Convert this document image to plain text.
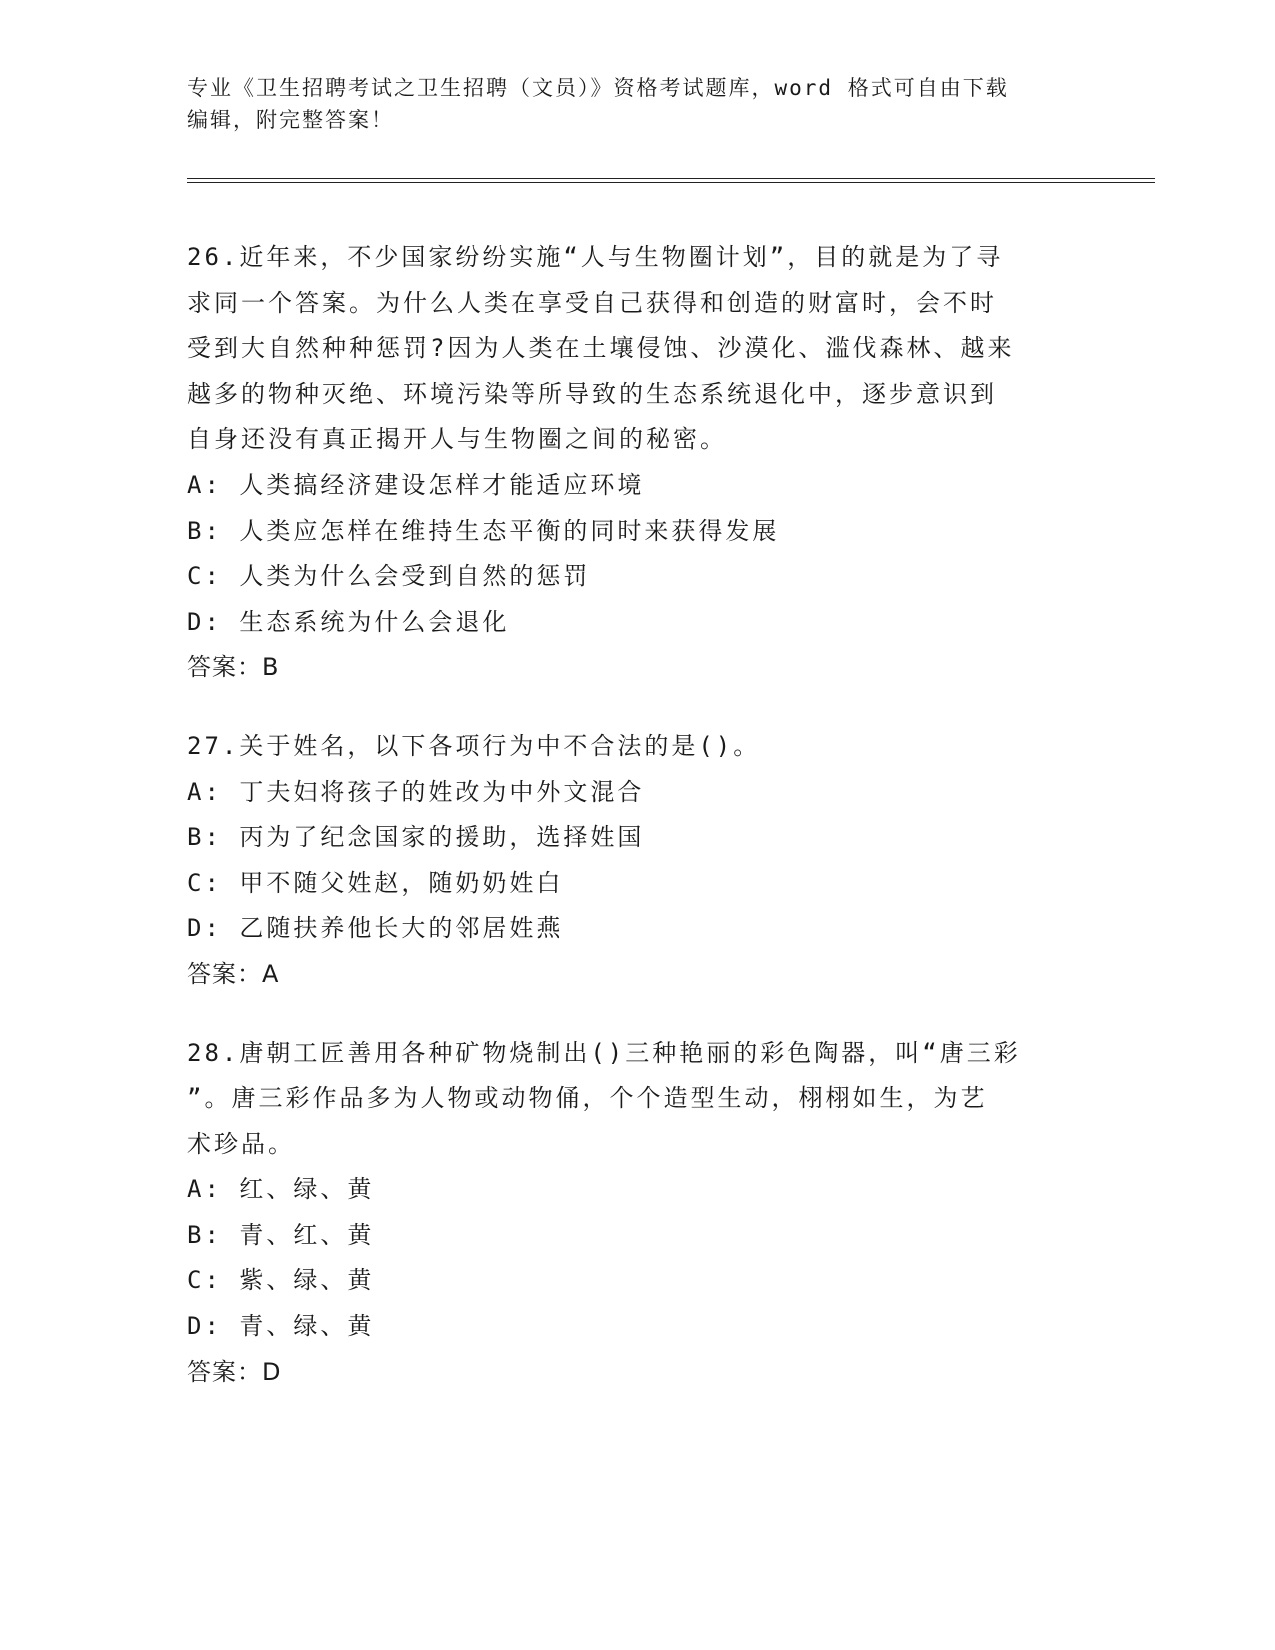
专业《卫生招聘考试之卫生招聘（文员）》资格考试题库，word 格式可自由下载
编辑，附完整答案！
26.近年来，不少国家纷纷实施“人与生物圈计划”，目的就是为了寻
求同一个答案。为什么人类在享受自己获得和创造的财富时，会不时
受到大自然种种惩罚?因为人类在土壤侵蚀、沙漠化、滥伐森林、越来
越多的物种灭绝、环境污染等所导致的生态系统退化中，逐步意识到
自身还没有真正揭开人与生物圈之间的秘密。
A: 人类搞经济建设怎样才能适应环境
B: 人类应怎样在维持生态平衡的同时来获得发展
C: 人类为什么会受到自然的惩罚
D: 生态系统为什么会退化
答案：B
27.关于姓名，以下各项行为中不合法的是()。
A: 丁夫妇将孩子的姓改为中外文混合
B: 丙为了纪念国家的援助，选择姓国
C: 甲不随父姓赵，随奶奶姓白
D: 乙随扶养他长大的邻居姓燕
答案：A
28.唐朝工匠善用各种矿物烧制出()三种艳丽的彩色陶器，叫“唐三彩
”。唐三彩作品多为人物或动物俑，个个造型生动，栩栩如生，为艺
术珍品。
A: 红、绿、黄
B: 青、红、黄
C: 紫、绿、黄
D: 青、绿、黄
答案：D
